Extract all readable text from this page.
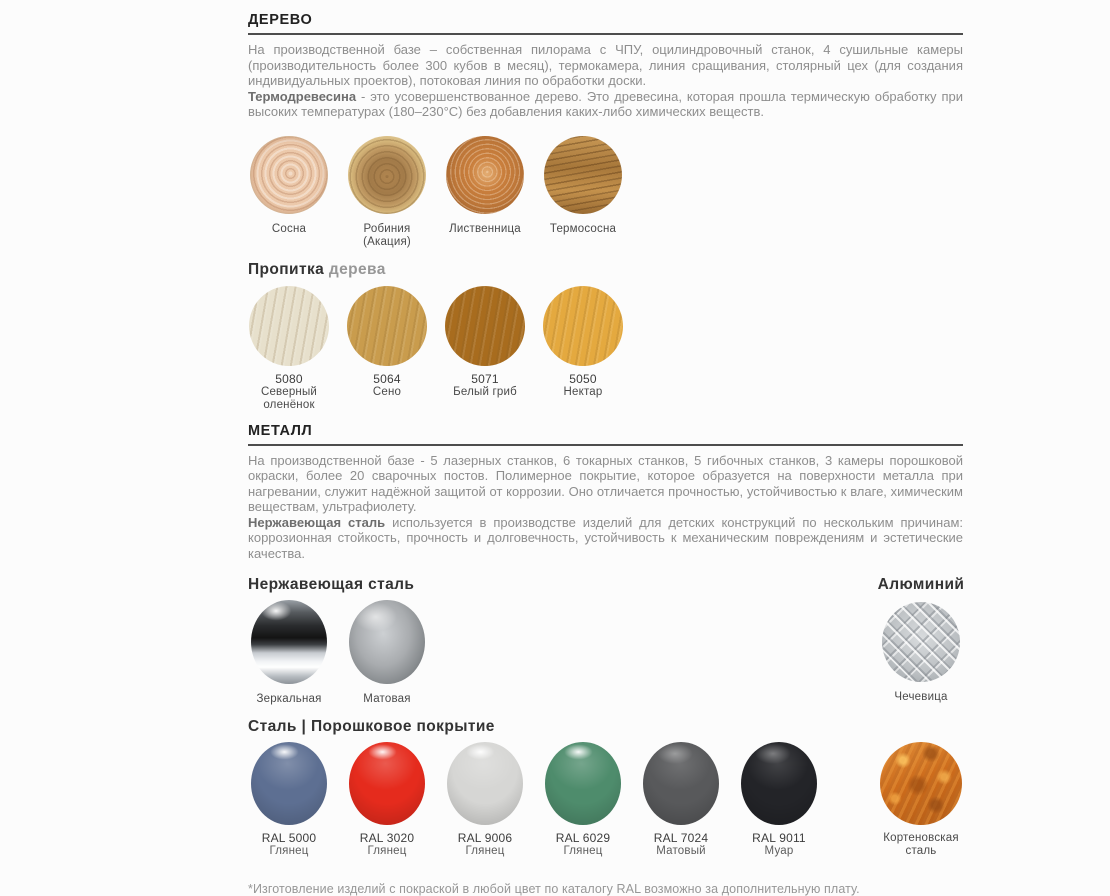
ДЕРЕВО

На производственной базе – собственная пилорама с ЧПУ, оцилиндровочный станок, 4 сушильные камеры (производительность более 300 кубов в месяц), термокамера, линия сращивания, столярный цех (для создания индивидуальных проектов), потоковая линия по обработки доски.

Термодревесина - это усовершенствованное дерево. Это древесина, которая прошла термическую обработку при высоких температурах (180–230°C) без добавления каких-либо химических веществ.

Сосна	Робиния (Акация)
Лиственница	Термососна
Пропитка дерева
5080
Северный оленёнок
5064
Сено
5071
Белый гриб
5050
Нектар
МЕТАЛЛ

На производственной базе - 5 лазерных станков, 6 токарных станков, 5 гибочных станков, 3 камеры порошковой окраски, более 20 сварочных постов. Полимерное покрытие, которое образуется на поверхности металла при нагревании, служит надёжной защитой от коррозии. Оно отличается прочностью, устойчивостью к влаге, химическим веществам, ультрафиолету.

Нержавеющая сталь используется в производстве изделий для детских конструкций по нескольким причинам: коррозионная стойкость, прочность и долговечность, устойчивость к механическим повреждениям и эстетические качества.

Нержавеющая сталь
Зеркальная	Матовая
Алюминий
Чечевица
Сталь | Порошковое покрытие
RAL 5000
Глянец
RAL 3020
Глянец
RAL 9006
Глянец
RAL 6029
Глянец
RAL 7024
Матовый
RAL 9011
Муар
Кортеновская сталь
*Изготовление изделий с покраской в любой цвет по каталогу RAL возможно за дополнительную плату.
